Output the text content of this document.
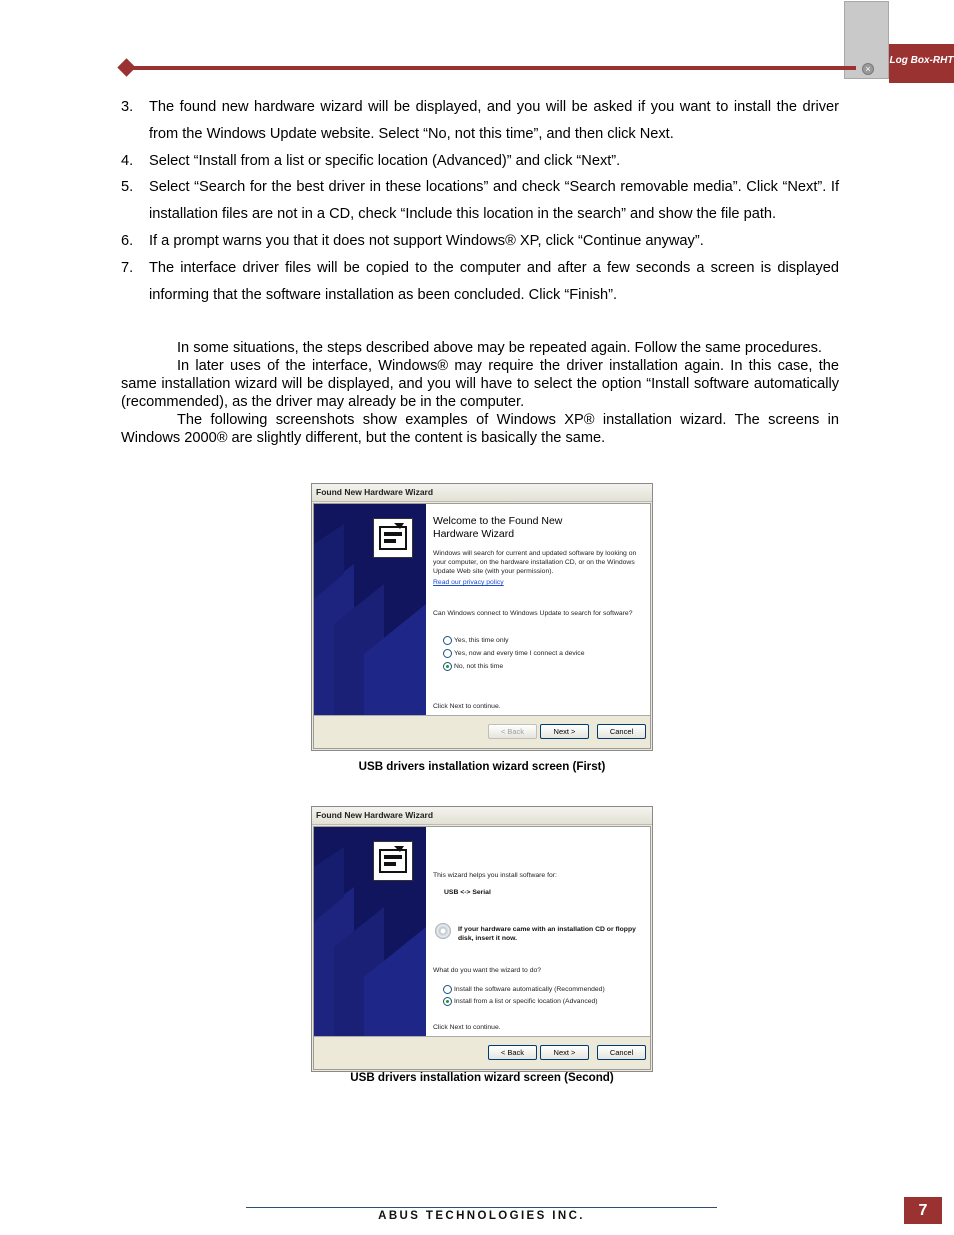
×
Log Box-RHT
3. The found new hardware wizard will be displayed, and you will be asked if you want to install the driver from the Windows Update website. Select “No, not this time”, and then click Next.
4. Select “Install from a list or specific location (Advanced)” and click “Next”.
5. Select “Search for the best driver in these locations” and check “Search removable media”. Click “Next”. If installation files are not in a CD, check “Include this location in the search” and show the file path.
6. If a prompt warns you that it does not support Windows® XP, click “Continue anyway”.
7. The interface driver files will be copied to the computer and after a few seconds a screen is displayed informing that the software installation as been concluded. Click “Finish”.

In some situations, the steps described above may be repeated again. Follow the same procedures.

In later uses of the interface, Windows® may require the driver installation again. In this case, the same installation wizard will be displayed, and you will have to select the option “Install software automatically (recommended), as the driver may already be in the computer.

The following screenshots show examples of Windows XP® installation wizard. The screens in Windows 2000® are slightly different, but the content is basically the same.

Found New Hardware Wizard
Welcome to the Found New Hardware Wizard
Windows will search for current and updated software by looking on your computer, on the hardware installation CD, or on the Windows Update Web site (with your permission).
Read our privacy policy
Can Windows connect to Windows Update to search for software?
Yes, this time only
Yes, now and every time I connect a device
No, not this time
Click Next to continue.
< Back	Next >	Cancel
USB drivers installation wizard screen (First)
Found New Hardware Wizard
This wizard helps you install software for:
USB <-> Serial
If your hardware came with an installation CD or floppy disk, insert it now.
What do you want the wizard to do?
Install the software automatically (Recommended)
Install from a list or specific location (Advanced)
Click Next to continue.
< Back	Next >	Cancel
USB drivers installation wizard screen (Second)
ABUS TECHNOLOGIES INC.	7
